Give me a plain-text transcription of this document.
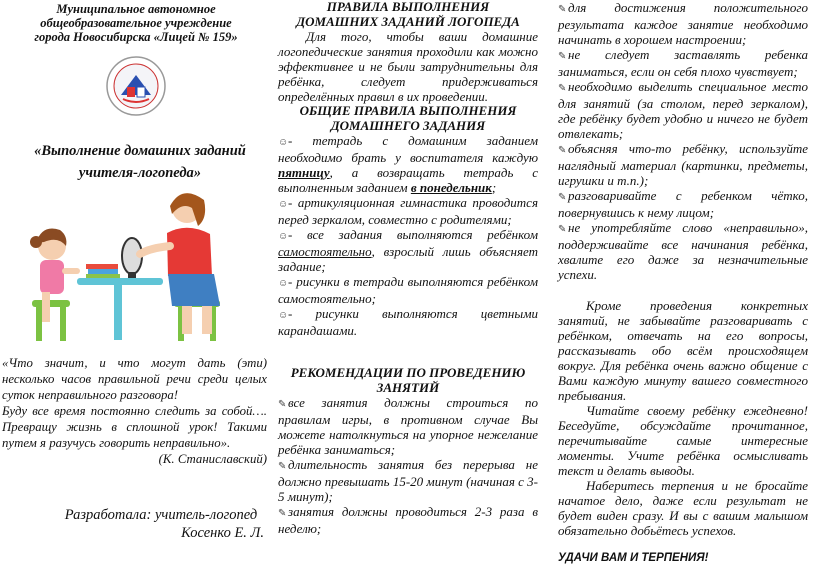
Муниципальное автономное
общеобразовательное учреждение
города Новосибирска «Лицей № 159»
«Выполнение домашних заданий
учителя-логопеда»
«Что значит, и что могут дать (эти) несколько часов правильной речи среди целых суток неправильного разговора!
Буду все время постоянно следить за собой…. Превращу жизнь в сплошной урок! Такими путем я разучусь говорить неправильно».
(К. Станиславский)
Разработала: учитель-логопед
Косенко Е. Л.
ПРАВИЛА ВЫПОЛНЕНИЯ
ДОМАШНИХ ЗАДАНИЙ ЛОГОПЕДА

Для того, чтобы ваши домашние логопедические занятия проходили как можно эффективнее и не были затруднительны для ребёнка, следует придерживаться определённых правил в их проведении.

ОБЩИЕ ПРАВИЛА ВЫПОЛНЕНИЯ
ДОМАШНЕГО ЗАДАНИЯ

☺- тетрадь с домашним заданием необходимо брать у воспитателя каждую пятницу, а возвращать тетрадь с выполненным заданием в понедельник;

☺- артикуляционная гимнастика проводится перед зеркалом, совместно с родителями;

☺- все задания выполняются ребёнком самостоятельно, взрослый лишь объясняет задание;

☺- рисунки в тетради выполняются ребёнком самостоятельно;

☺- рисунки выполняются цветными карандашами.

РЕКОМЕНДАЦИИ ПО ПРОВЕДЕНИЮ
ЗАНЯТИЙ

✎ все занятия должны строиться по правилам игры, в противном случае Вы можете натолкнуться на упорное нежелание ребёнка заниматься;

✎ длительность занятия без перерыва не должно превышать 15-20 минут (начиная с 3-5 минут);

✎ занятия должны проводиться 2-3 раза в неделю;

✎ для достижения положительного результата каждое занятие необходимо начинать в хорошем настроении;

✎ не следует заставлять ребенка заниматься, если он себя плохо чувствует;

✎ необходимо выделить специальное место для занятий (за столом, перед зеркалом), где ребёнку будет удобно и ничего не будет отвлекать;

✎ объясняя что-то ребёнку, используйте наглядный материал (картинки, предметы, игрушки и т.п.);

✎ разговаривайте с ребенком чётко, повернувшись к нему лицом;

✎ не употребляйте слово «неправильно», поддерживайте все начинания ребёнка, хвалите его даже за незначительные успехи.

Кроме проведения конкретных занятий, не забывайте разговаривать с ребёнком, отвечать на его вопросы, рассказывать обо всём происходящем вокруг. Для ребёнка очень важно общение с Вами каждую минуту вашего совместного пребывания.

Читайте своему ребёнку ежедневно! Беседуйте, обсуждайте прочитанное, перечитывайте самые интересные моменты. Учите ребёнка осмысливать текст и делать выводы.

Наберитесь терпения и не бросайте начатое дело, даже если результат не будет виден сразу. И вы с вашим малышом обязательно добьётесь успехов.

УДАЧИ ВАМ И ТЕРПЕНИЯ!
